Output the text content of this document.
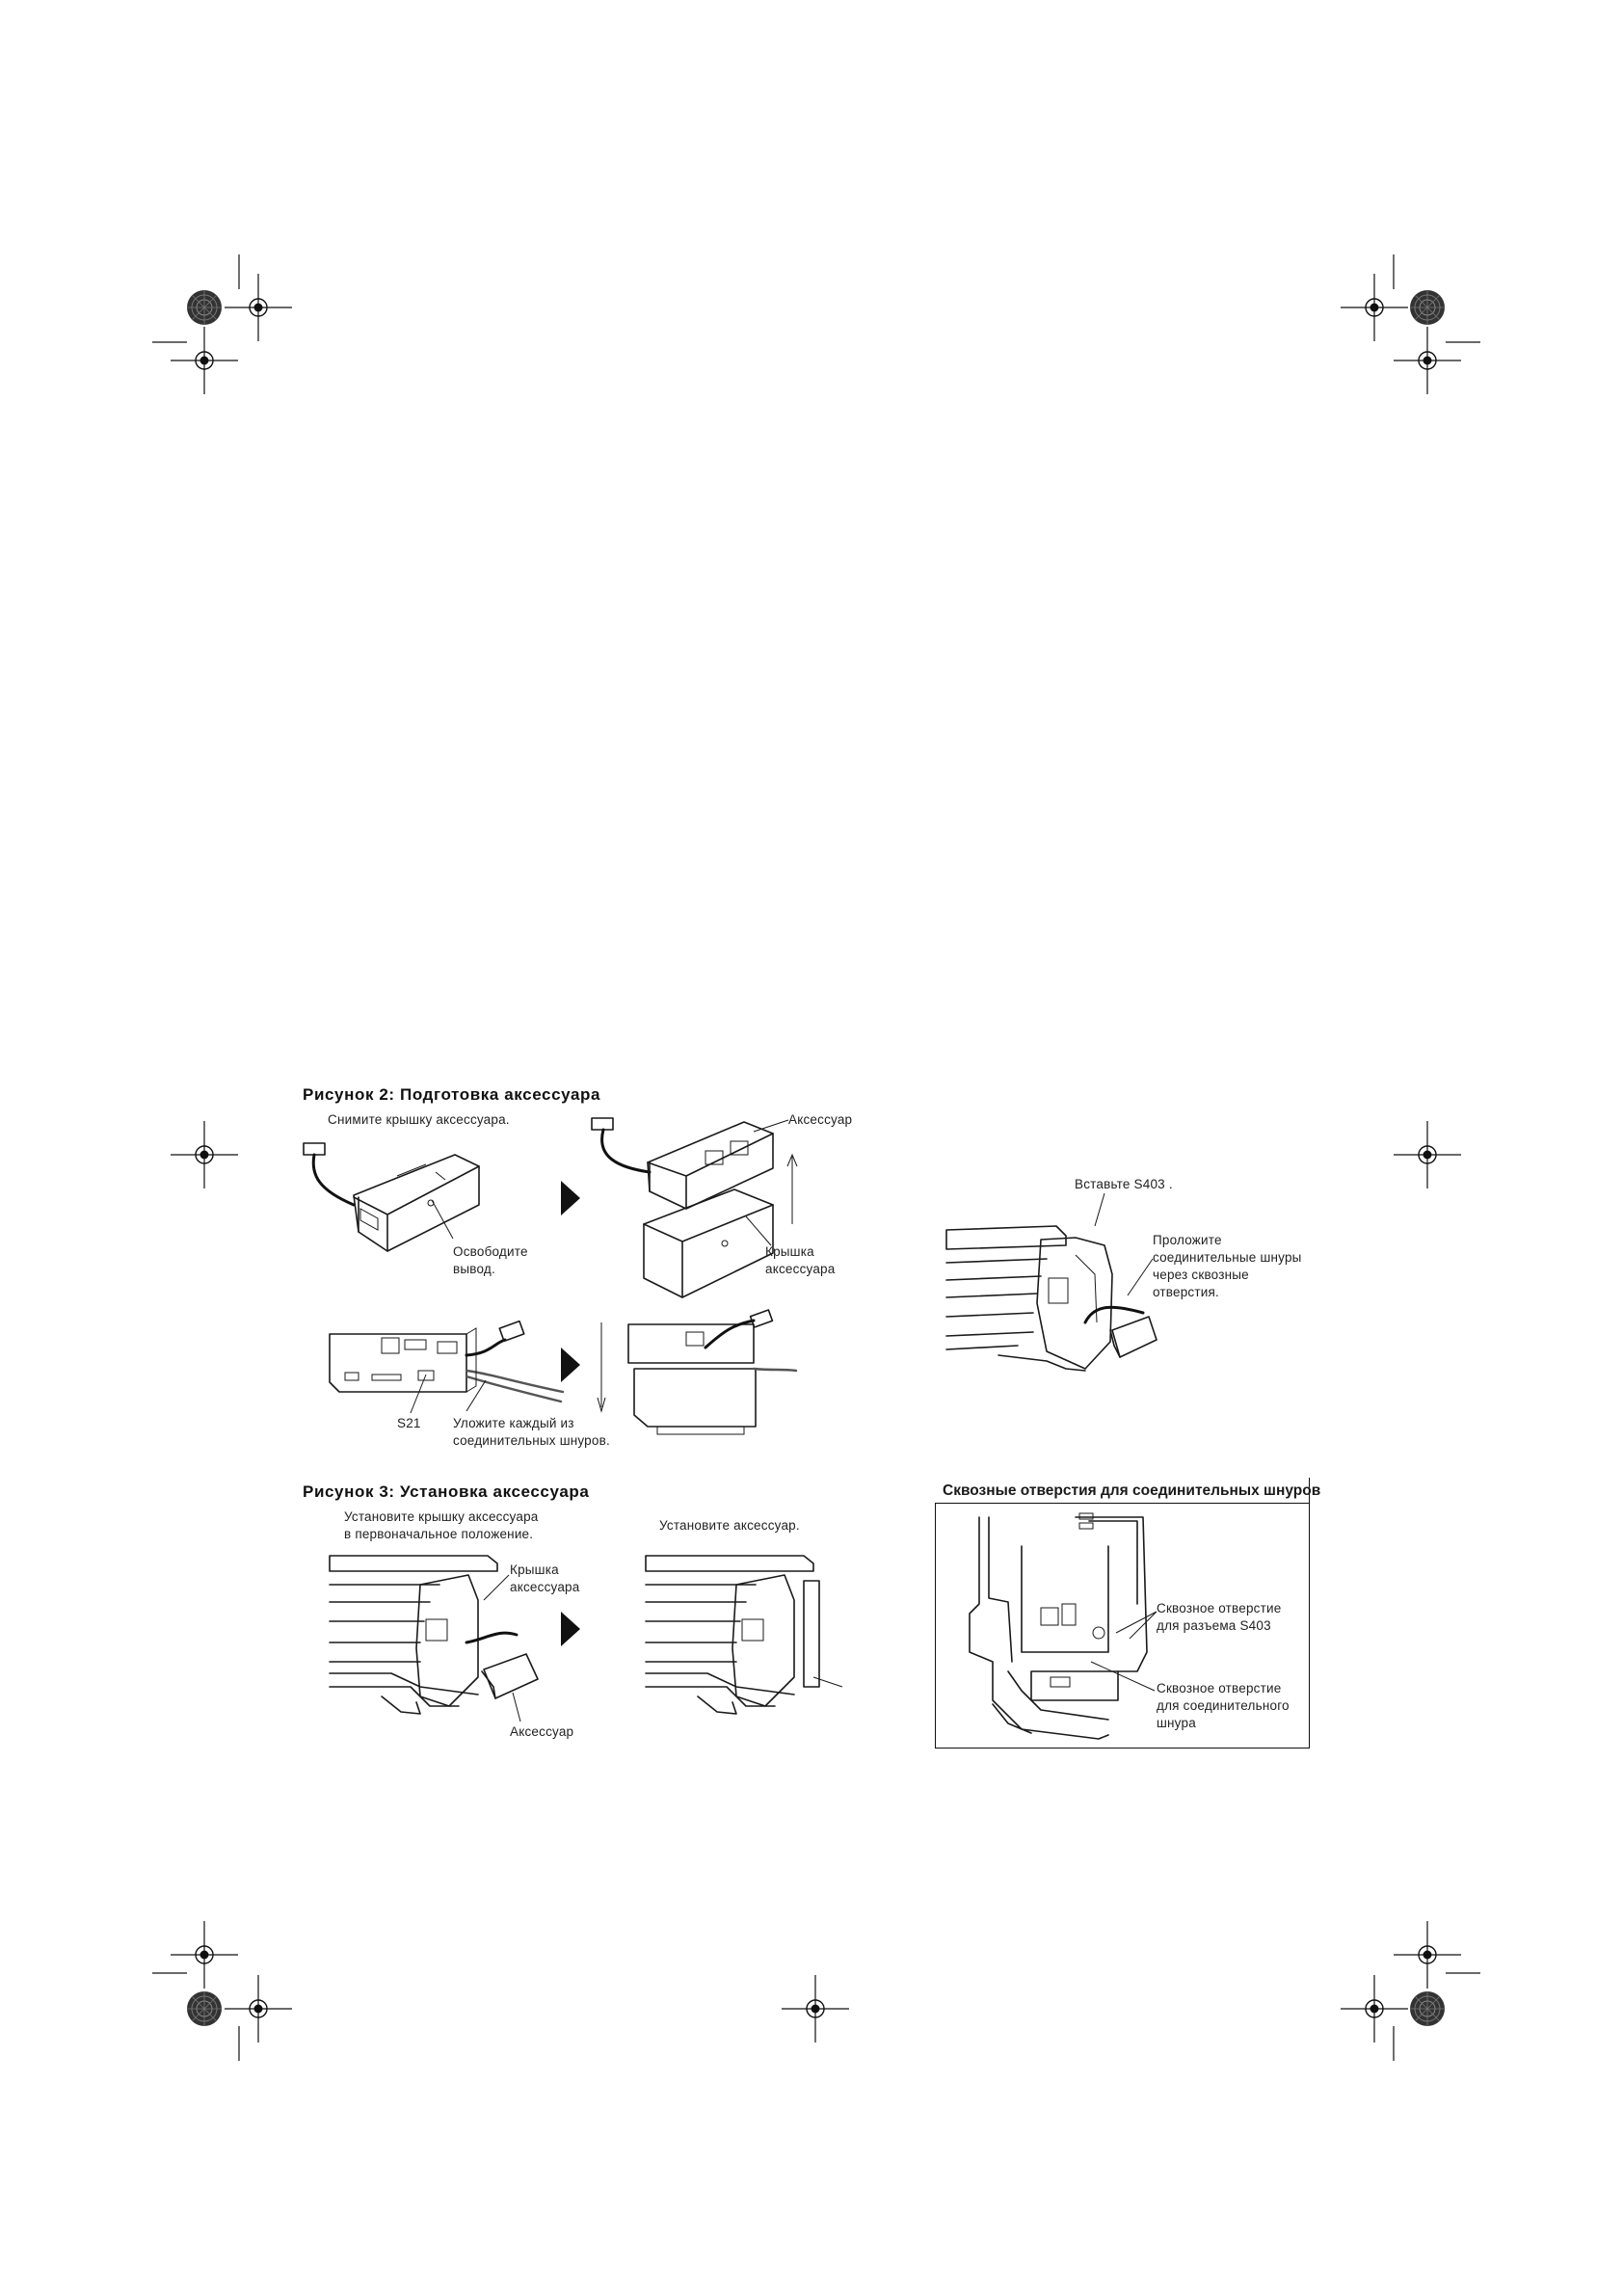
Рисунок 2: Подготовка аксессуара
Снимите крышку аксессуара.
Освободите
вывод.
Аксессуар
Крышка
аксессуара
S21 Уложите каждый из
соединительных шнуров.
Рисунок 3: Установка аксессуара
Установите крышку аксессуара
в первоначальное положение.
Установите аксессуар.
Крышка
аксессуара
Аксессуар
Вставьте S403 .
Проложите
соединительные шнуры
через сквозные
отверстия.
Сквозные отверстия для соединительных шнуров
Сквозное отверстие
для разъема S403
Сквозное отверстие
для соединительного
шнура
